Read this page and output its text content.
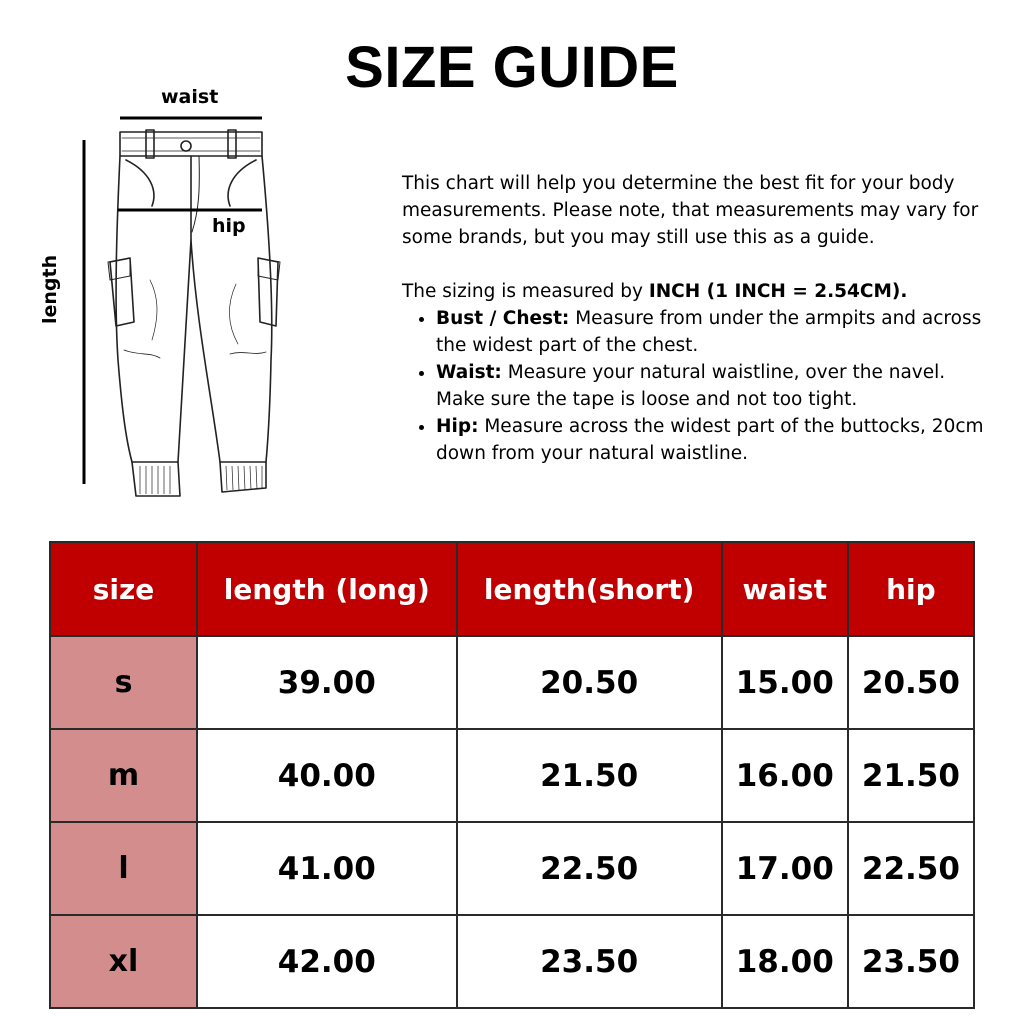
SIZE GUIDE
waist
hip
length

This chart will help you determine the best fit for your body measurements. Please note, that measurements may vary for some brands, but you may still use this as a guide.

The sizing is measured by INCH (1 INCH = 2.54CM).

• Bust / Chest: Measure from under the armpits and across the widest part of the chest.
• Waist: Measure your natural waistline, over the navel. Make sure the tape is loose and not too tight.
• Hip: Measure across the widest part of the buttocks, 20cm down from your natural waistline.
size	length (long)	length(short)	waist	hip
s	39.00	20.50	15.00	20.50
m	40.00	21.50	16.00	21.50
l	41.00	22.50	17.00	22.50
xl	42.00	23.50	18.00	23.50
